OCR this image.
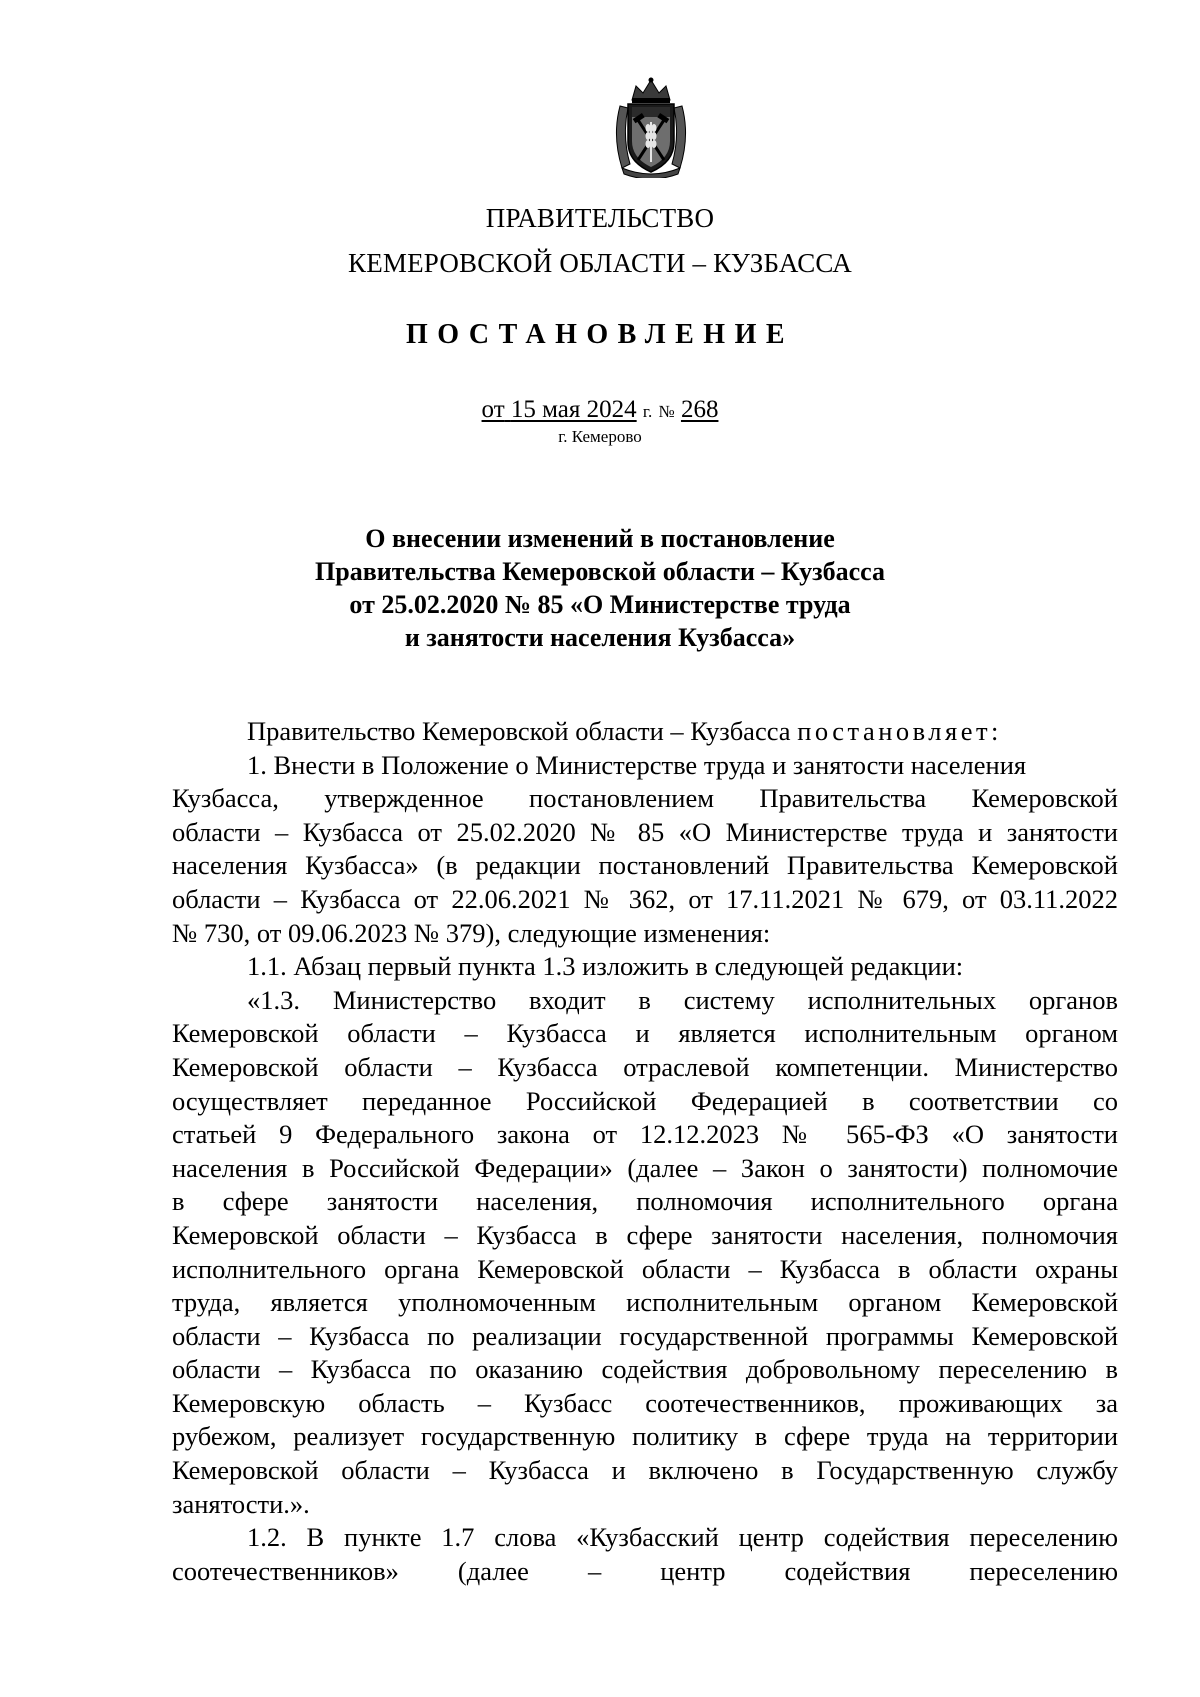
ПРАВИТЕЛЬСТВО
КЕМЕРОВСКОЙ ОБЛАСТИ – КУЗБАССА
ПОСТАНОВЛЕНИЕ
от 15 мая 2024 г. № 268
г. Кемерово
О внесении изменений в постановление
Правительства Кемеровской области – Кузбасса
от 25.02.2020 № 85 «О Министерстве труда
и занятости населения Кузбасса»
Правительство Кемеровской области – Кузбасса постановляет:
1. Внести в Положение о Министерстве труда и занятости населения
Кузбасса, утвержденное постановлением Правительства Кемеровской
области – Кузбасса от 25.02.2020 № 85 «О Министерстве труда и занятости
населения Кузбасса» (в редакции постановлений Правительства Кемеровской
области – Кузбасса от 22.06.2021 № 362, от 17.11.2021 № 679, от 03.11.2022
№ 730, от 09.06.2023 № 379), следующие изменения:
1.1. Абзац первый пункта 1.3 изложить в следующей редакции:
«1.3. Министерство входит в систему исполнительных органов
Кемеровской области – Кузбасса и является исполнительным органом
Кемеровской области – Кузбасса отраслевой компетенции. Министерство
осуществляет переданное Российской Федерацией в соответствии со
статьей 9 Федерального закона от 12.12.2023 № 565-ФЗ «О занятости
населения в Российской Федерации» (далее – Закон о занятости) полномочие
в сфере занятости населения, полномочия исполнительного органа
Кемеровской области – Кузбасса в сфере занятости населения, полномочия
исполнительного органа Кемеровской области – Кузбасса в области охраны
труда, является уполномоченным исполнительным органом Кемеровской
области – Кузбасса по реализации государственной программы Кемеровской
области – Кузбасса по оказанию содействия добровольному переселению в
Кемеровскую область – Кузбасс соотечественников, проживающих за
рубежом, реализует государственную политику в сфере труда на территории
Кемеровской области – Кузбасса и включено в Государственную службу
занятости.».
1.2. В пункте 1.7 слова «Кузбасский центр содействия переселению
соотечественников» (далее – центр содействия переселению
